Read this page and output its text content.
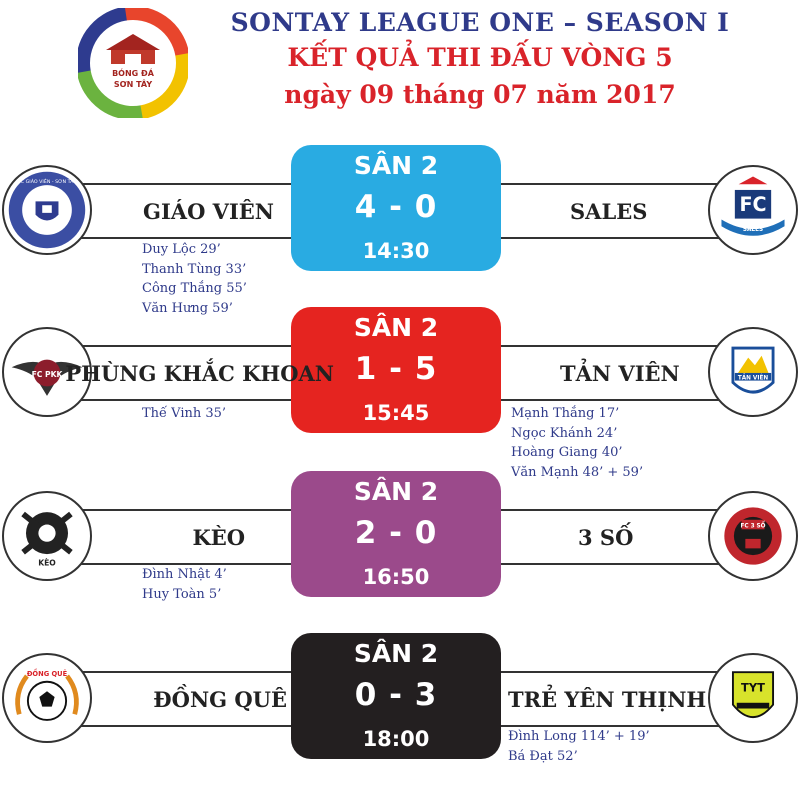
BÓNG ĐÁ
SƠN TÂY
SONTAY LEAGUE ONE – SEASON I
KẾT QUẢ THI ĐẤU VÒNG 5
ngày 09 tháng 07 năm 2017
FC GIÁO VIÊN - SƠN TÂY
FC
SALES
SÂN 2
4 - 0
14:30
GIÁO VIÊN	SALES
Duy Lộc 29’
Thanh Tùng 33’
Công Thắng 55’
Văn Hưng 59’
FC PKK	TẢN VIÊN
SÂN 2
1 - 5
15:45
PHÙNG KHẮC KHOAN	TẢN VIÊN
Thế Vinh 35’	Mạnh Thắng 17’
Ngọc Khánh 24’
Hoàng Giang 40’
Văn Mạnh 48’ + 59’
KÈO
FC 3 SỐ
SÂN 2
2 - 0
16:50
KÈO	3 SỐ
Đình Nhật 4’
Huy Toàn 5’
ĐỒNG QUÊ
TYT
SÂN 2
0 - 3
18:00
ĐỒNG QUÊ	TRẺ YÊN THỊNH
Đình Long 114’ + 19’
Bá Đạt 52’
